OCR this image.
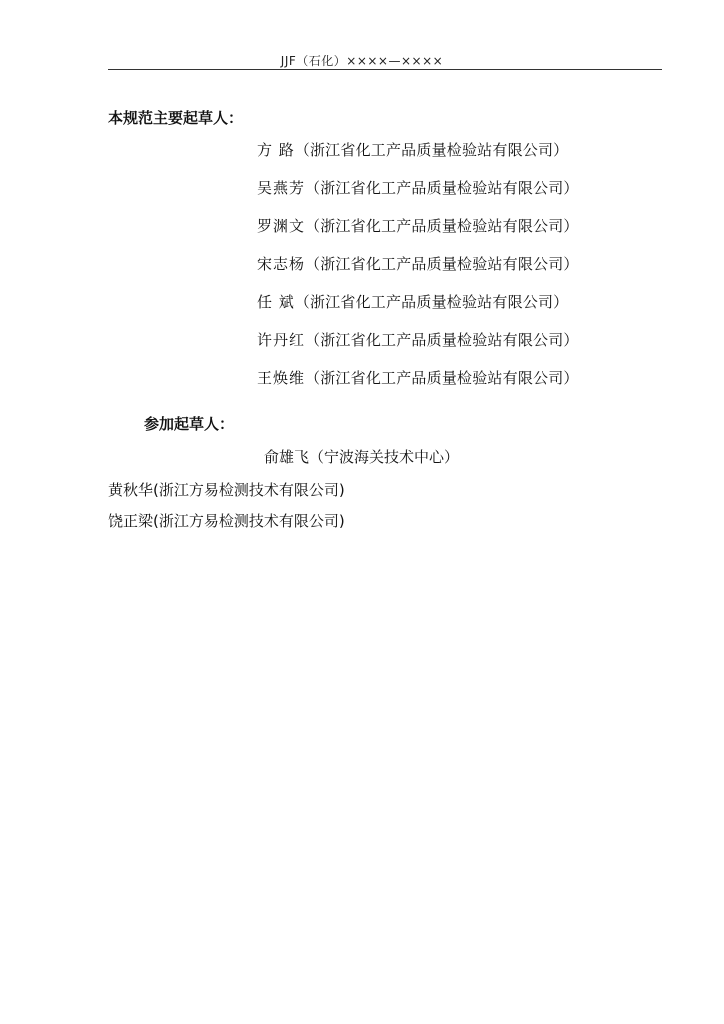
JJF（石化）××××—××××
本规范主要起草人：
方 路（浙江省化工产品质量检验站有限公司）
吴燕芳（浙江省化工产品质量检验站有限公司）
罗渊文（浙江省化工产品质量检验站有限公司）
宋志杨（浙江省化工产品质量检验站有限公司）
任 斌（浙江省化工产品质量检验站有限公司）
许丹红（浙江省化工产品质量检验站有限公司）
王焕维（浙江省化工产品质量检验站有限公司）
参加起草人：
俞雄飞（宁波海关技术中心）
黄秋华(浙江方易检测技术有限公司)
饶正梁(浙江方易检测技术有限公司)
